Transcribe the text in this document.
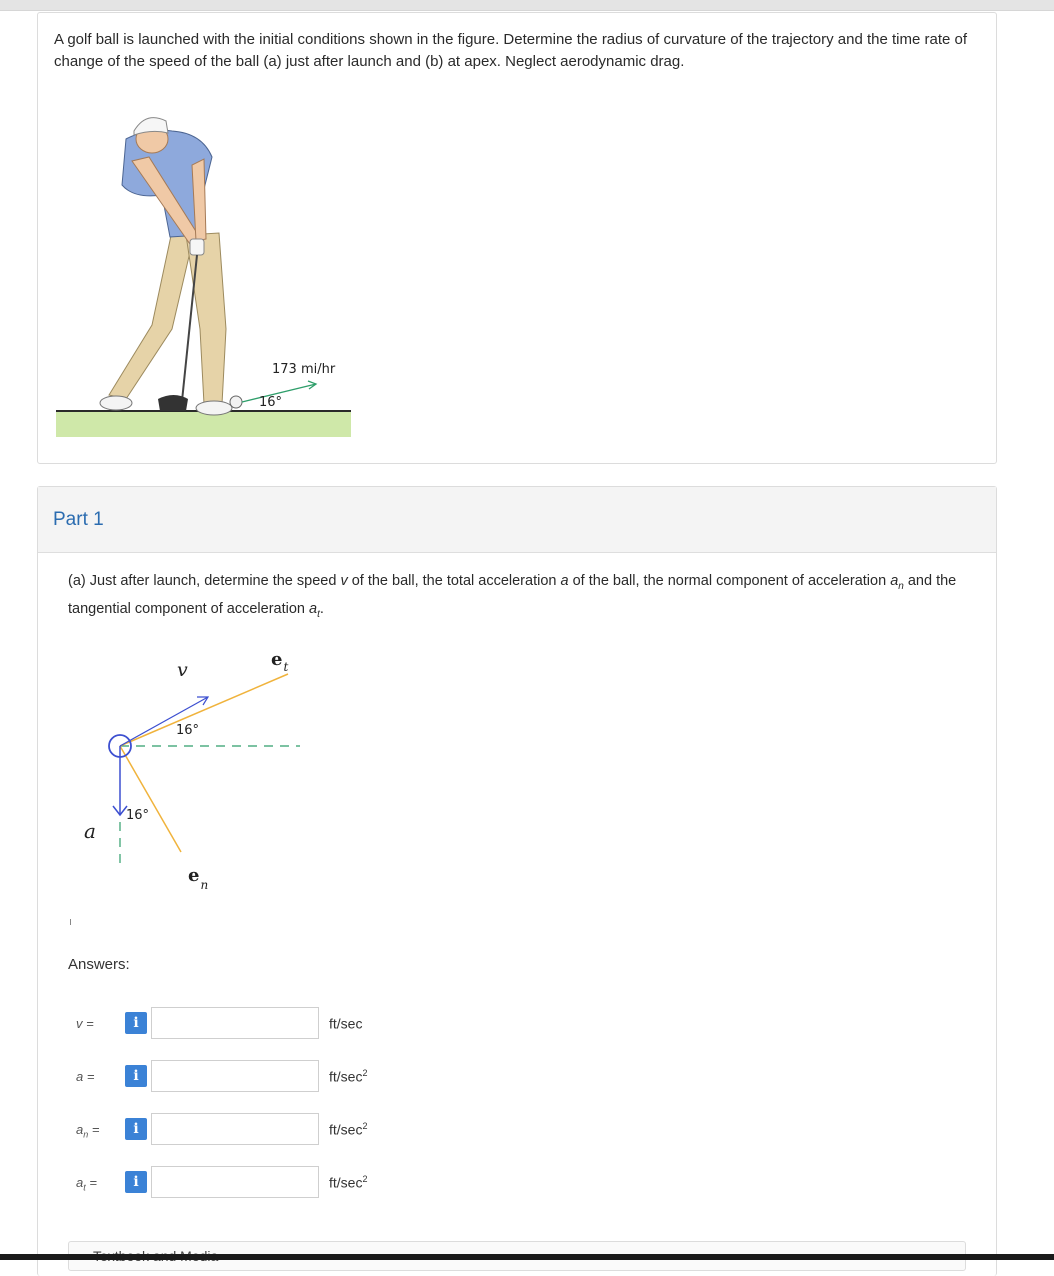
A golf ball is launched with the initial conditions shown in the figure. Determine the radius of curvature of the trajectory and the time rate of change of the speed of the ball (a) just after launch and (b) at apex. Neglect aerodynamic drag.
173 mi/hr
16°
Part 1
(a) Just after launch, determine the speed v of the ball, the total acceleration a of the ball, the normal component of acceleration $a_n$ and the tangential component of acceleration $a_t$.
v	$e_t$
$e_n$
a
16°
16°
Answers:
v =	i	ft/sec
a =	i	$ft/\sec^2$
$a_n$ =	i	$ft/\sec^2$
$a_t$ =	i	$ft/\sec^2$
